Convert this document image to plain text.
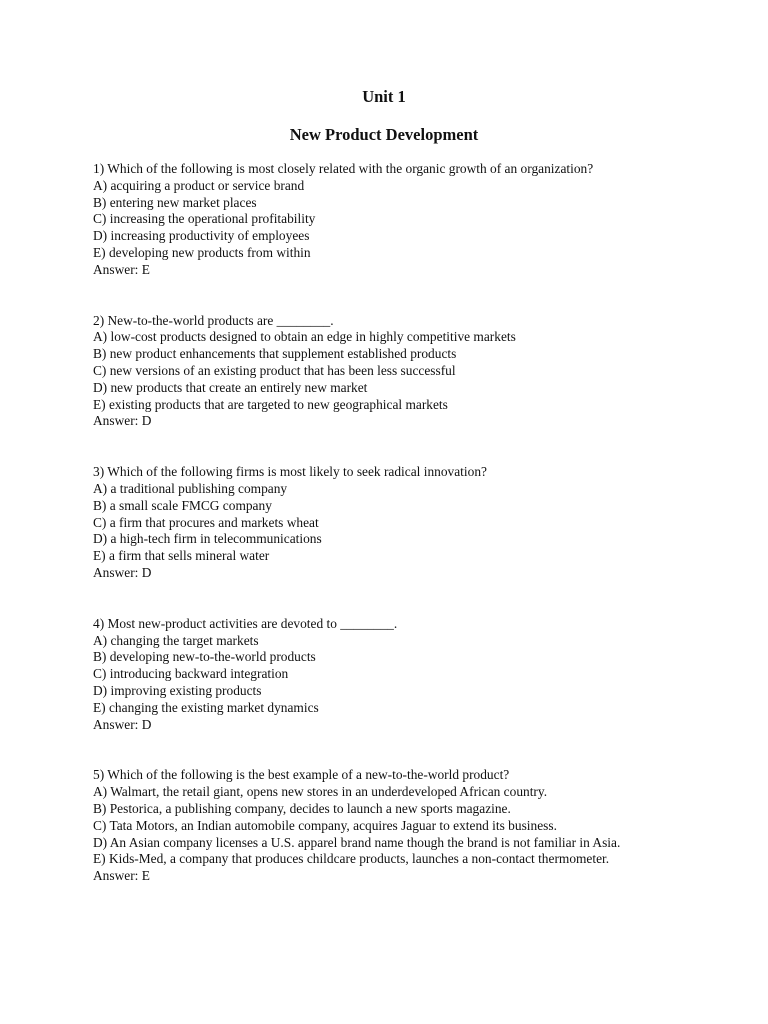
Unit 1
New Product Development

1) Which of the following is most closely related with the organic growth of an organization?

A) acquiring a product or service brand

B) entering new market places

C) increasing the operational profitability

D) increasing productivity of employees

E) developing new products from within

Answer: E

2) New-to-the-world products are ________.

A) low-cost products designed to obtain an edge in highly competitive markets

B) new product enhancements that supplement established products

C) new versions of an existing product that has been less successful

D) new products that create an entirely new market

E) existing products that are targeted to new geographical markets

Answer: D

3) Which of the following firms is most likely to seek radical innovation?

A) a traditional publishing company

B) a small scale FMCG company

C) a firm that procures and markets wheat

D) a high-tech firm in telecommunications

E) a firm that sells mineral water

Answer: D

4) Most new-product activities are devoted to ________.

A) changing the target markets

B) developing new-to-the-world products

C) introducing backward integration

D) improving existing products

E) changing the existing market dynamics

Answer: D

5) Which of the following is the best example of a new-to-the-world product?

A) Walmart, the retail giant, opens new stores in an underdeveloped African country.

B) Pestorica, a publishing company, decides to launch a new sports magazine.

C) Tata Motors, an Indian automobile company, acquires Jaguar to extend its business.

D) An Asian company licenses a U.S. apparel brand name though the brand is not familiar in Asia.

E) Kids-Med, a company that produces childcare products, launches a non-contact thermometer.

Answer: E
